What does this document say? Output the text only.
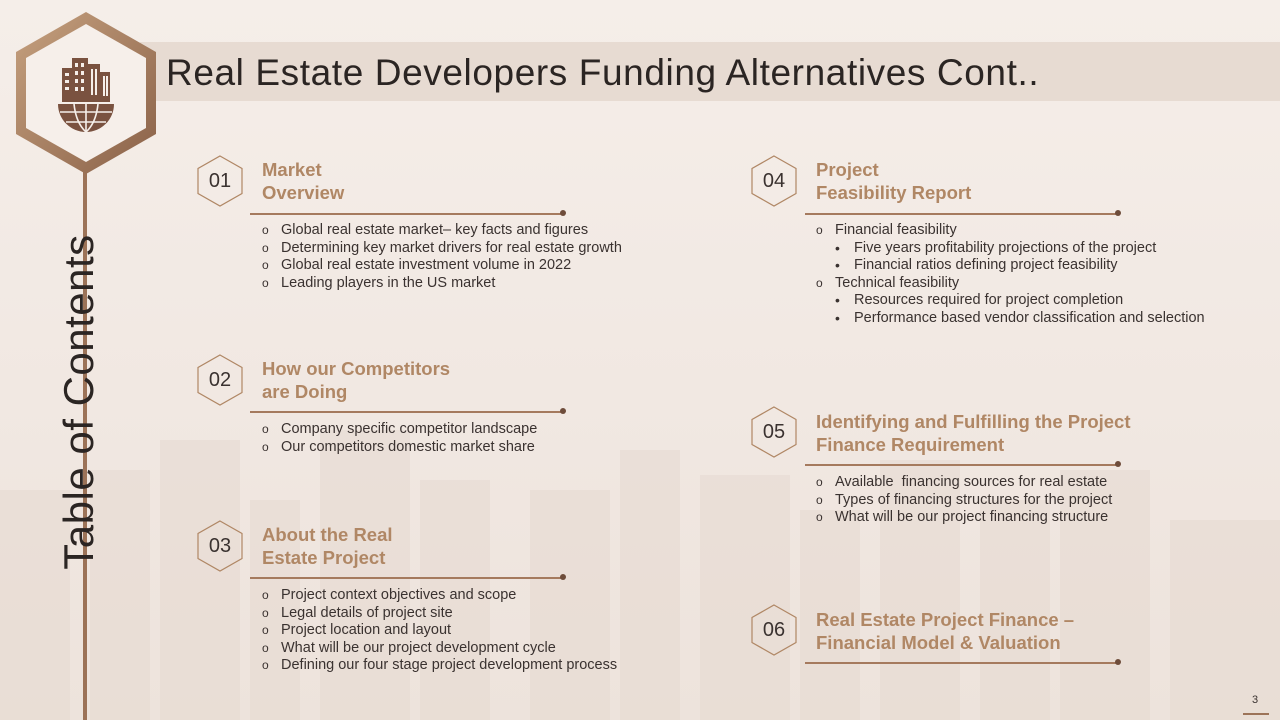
Real Estate Developers Funding Alternatives Cont..
Table of Contents
01
Market
Overview
o Global real estate market– key facts and figures
o Determining key market drivers for real estate growth
o Global real estate investment volume in 2022
o Leading players in the US market
02
How our Competitors
are Doing
o Company specific competitor landscape
o Our competitors domestic market share
03
About the Real
Estate Project
o Project context objectives and scope
o Legal details of project site
o Project location and layout
o What will be our project development cycle
o Defining our four stage project development process
04
Project
Feasibility Report
o Financial feasibility
• Five years profitability projections of the project
• Financial ratios defining project feasibility
o Technical feasibility
• Resources required for project completion
• Performance based vendor classification and selection
05	Identifying and Fulfilling the Project
Finance Requirement
o Available  financing sources for real estate
o Types of financing structures for the project
o What will be our project financing structure
06	Real Estate Project Finance –
Financial Model & Valuation
3
